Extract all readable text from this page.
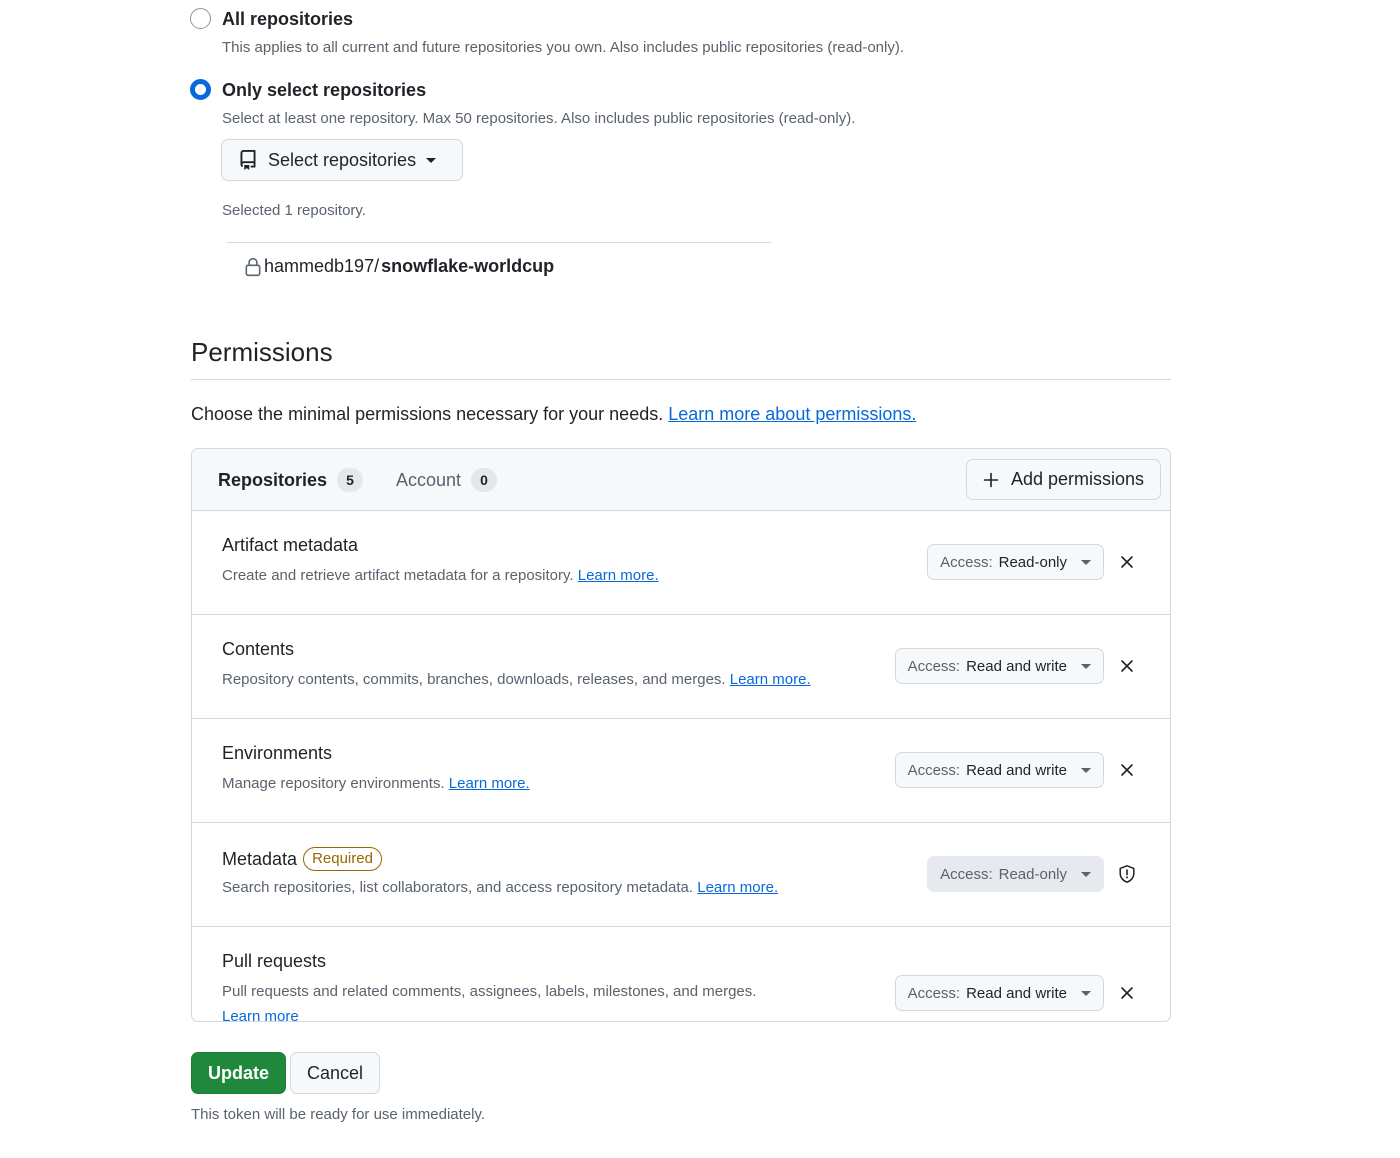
All repositories
This applies to all current and future repositories you own. Also includes public repositories (read-only).
Only select repositories
Select at least one repository. Max 50 repositories. Also includes public repositories (read-only).
Select repositories
Selected 1 repository.
hammedb197/ snowflake-worldcup
Permissions
Choose the minimal permissions necessary for your needs. Learn more about permissions.
Repositories	5	Account	0	Add permissions
Artifact metadata
Create and retrieve artifact metadata for a repository. Learn more.
Access: Read-only
Contents
Repository contents, commits, branches, downloads, releases, and merges. Learn more.
Access: Read and write
Environments
Manage repository environments. Learn more.
Access: Read and write
Metadata	Required
Search repositories, list collaborators, and access repository metadata. Learn more.
Access: Read-only
Pull requests
Pull requests and related comments, assignees, labels, milestones, and merges.
Learn more
Access: Read and write
Update	Cancel
This token will be ready for use immediately.
